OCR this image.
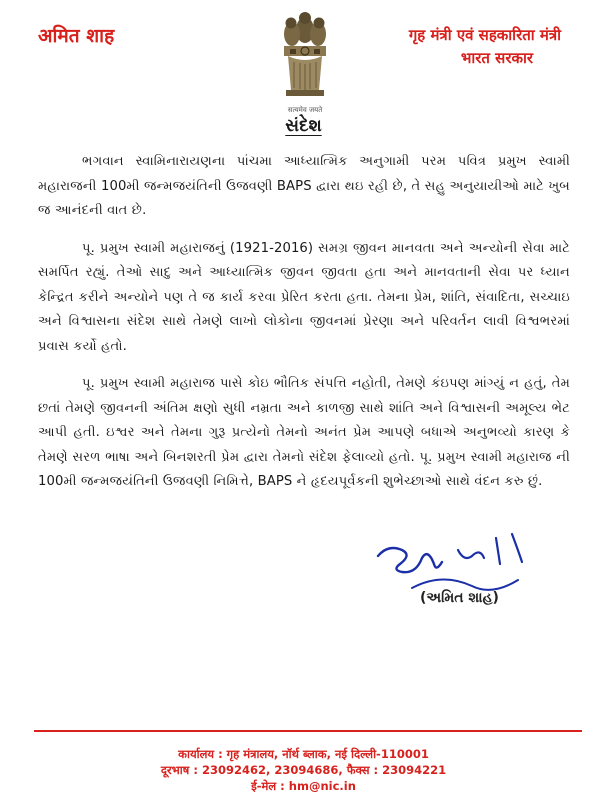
अमित शाह
सत्यमेव जयते
गृह मंत्री एवं सहकारिता मंत्री
भारत सरकार
સંદેશ

ભગવાન સ્વામિનારાયણના પાંચમા આધ્યાત્મિક અનુગામી પરમ પવિત્ર પ્રમુખ સ્વામી મહારાજની 100મી જન્મજયંતિની ઉજવણી BAPS દ્વારા થઇ રહી છે, તે સહુ અનુયાયીઓ માટે ખુબ જ આનંદની વાત છે.

પૂ. પ્રમુખ સ્વામી મહારાજનું (1921-2016) સમગ્ર જીવન માનવતા અને અન્યોની સેવા માટે સમર્પિત રહ્યું. તેઓ સાદુ અને આધ્યાત્મિક જીવન જીવતા હતા અને માનવતાની સેવા પર ધ્યાન કેન્દ્રિત કરીને અન્યોને પણ તે જ કાર્ય કરવા પ્રેરિત કરતા હતા. તેમના પ્રેમ, શાંતિ, સંવાદિતા, સચ્ચાઇ અને વિશ્વાસના સંદેશ સાથે તેમણે લાખો લોકોના જીવનમાં પ્રેરણા અને પરિવર્તન લાવી વિશ્વભરમાં પ્રવાસ કર્યો હતો.

પૂ. પ્રમુખ સ્વામી મહારાજ પાસે કોઇ ભૌતિક સંપત્તિ નહોતી, તેમણે કંઇપણ માંગ્યું ન હતું, તેમ છતાં તેમણે જીવનની અંતિમ ક્ષણો સુધી નમ્રતા અને કાળજી સાથે શાંતિ અને વિશ્વાસની અમૂલ્ય ભેટ આપી હતી. ઇશ્વર અને તેમના ગુરૂ પ્રત્યેનો તેમનો અનંત પ્રેમ આપણે બધાએ અનુભવ્યો કારણ કે તેમણે સરળ ભાષા અને બિનશરતી પ્રેમ દ્વારા તેમનો સંદેશ ફેલાવ્યો હતો. પૂ. પ્રમુખ સ્વામી મહારાજ ની 100મી જન્મજયંતિની ઉજવણી નિમિત્તે, BAPS ને હૃદયપૂર્વકની શુભેચ્છાઓ સાથે વંદન કરુ છું.

(અમિત શાહ)
कार्यालय : गृह मंत्रालय, नॉर्थ ब्लाक, नई दिल्ली-110001
दूरभाष : 23092462, 23094686, फैक्स : 23094221
ई-मेल : hm@nic.in
